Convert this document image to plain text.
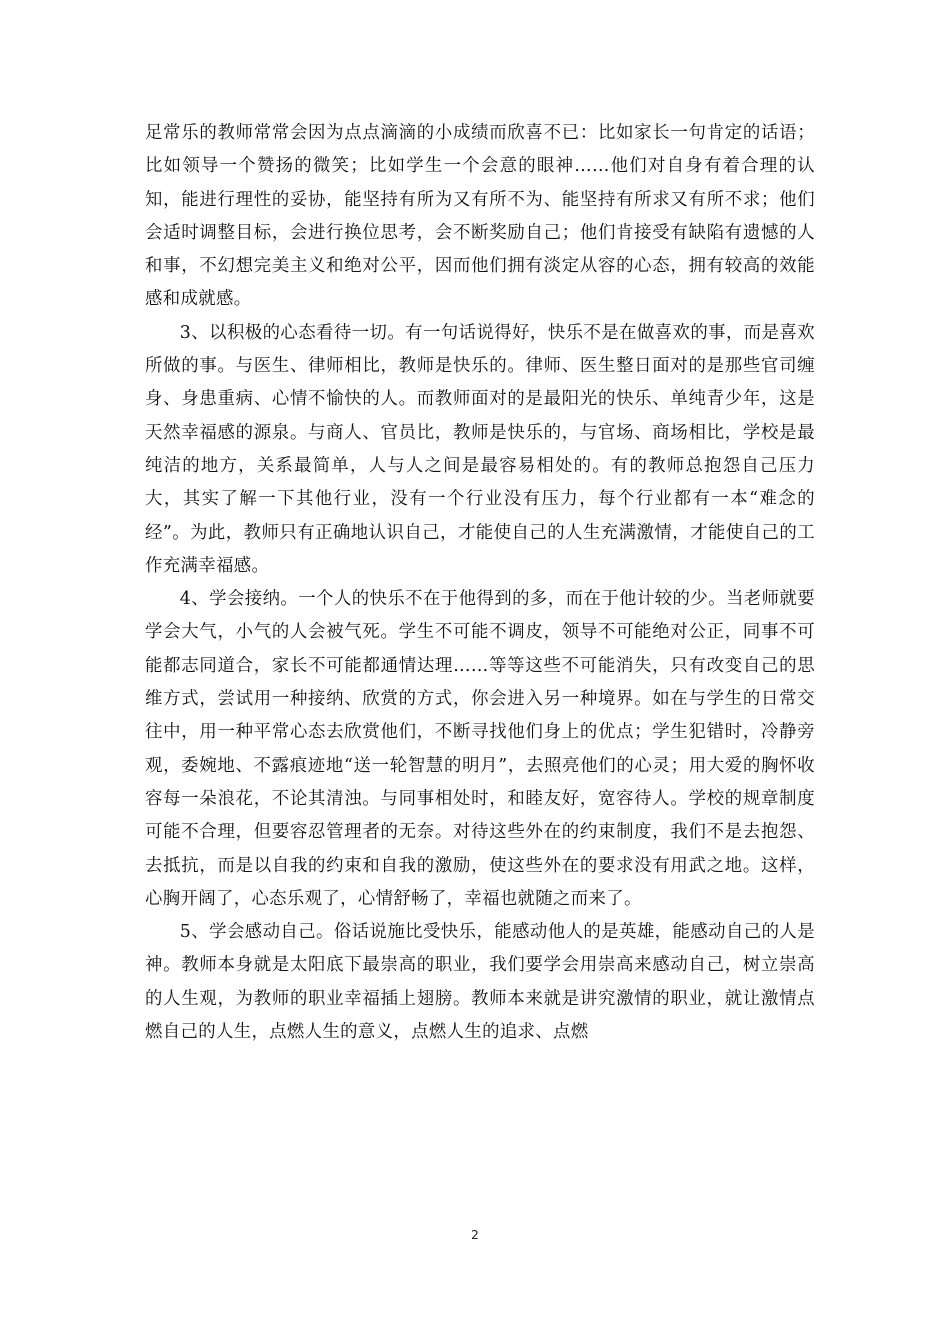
足常乐的教师常常会因为点点滴滴的小成绩而欣喜不已：比如家长一句肯定的话语；比如领导一个赞扬的微笑；比如学生一个会意的眼神……他们对自身有着合理的认知，能进行理性的妥协，能坚持有所为又有所不为、能坚持有所求又有所不求；他们会适时调整目标，会进行换位思考，会不断奖励自己；他们肯接受有缺陷有遗憾的人和事，不幻想完美主义和绝对公平，因而他们拥有淡定从容的心态，拥有较高的效能感和成就感。

3、以积极的心态看待一切。有一句话说得好，快乐不是在做喜欢的事，而是喜欢所做的事。与医生、律师相比，教师是快乐的。律师、医生整日面对的是那些官司缠身、身患重病、心情不愉快的人。而教师面对的是最阳光的快乐、单纯青少年，这是天然幸福感的源泉。与商人、官员比，教师是快乐的，与官场、商场相比，学校是最纯洁的地方，关系最简单，人与人之间是最容易相处的。有的教师总抱怨自己压力大，其实了解一下其他行业，没有一个行业没有压力，每个行业都有一本“难念的经”。为此，教师只有正确地认识自己，才能使自己的人生充满激情，才能使自己的工作充满幸福感。

4、学会接纳。一个人的快乐不在于他得到的多，而在于他计较的少。当老师就要学会大气，小气的人会被气死。学生不可能不调皮，领导不可能绝对公正，同事不可能都志同道合，家长不可能都通情达理……等等这些不可能消失，只有改变自己的思维方式，尝试用一种接纳、欣赏的方式，你会进入另一种境界。如在与学生的日常交往中，用一种平常心态去欣赏他们，不断寻找他们身上的优点；学生犯错时，冷静旁观，委婉地、不露痕迹地“送一轮智慧的明月”，去照亮他们的心灵；用大爱的胸怀收容每一朵浪花，不论其清浊。与同事相处时，和睦友好，宽容待人。学校的规章制度可能不合理，但要容忍管理者的无奈。对待这些外在的约束制度，我们不是去抱怨、去抵抗，而是以自我的约束和自我的激励，使这些外在的要求没有用武之地。这样，心胸开阔了，心态乐观了，心情舒畅了，幸福也就随之而来了。

5、学会感动自己。俗话说施比受快乐，能感动他人的是英雄，能感动自己的人是神。教师本身就是太阳底下最崇高的职业，我们要学会用崇高来感动自己，树立崇高的人生观，为教师的职业幸福插上翅膀。教师本来就是讲究激情的职业，就让激情点燃自己的人生，点燃人生的意义，点燃人生的追求、点燃

2
